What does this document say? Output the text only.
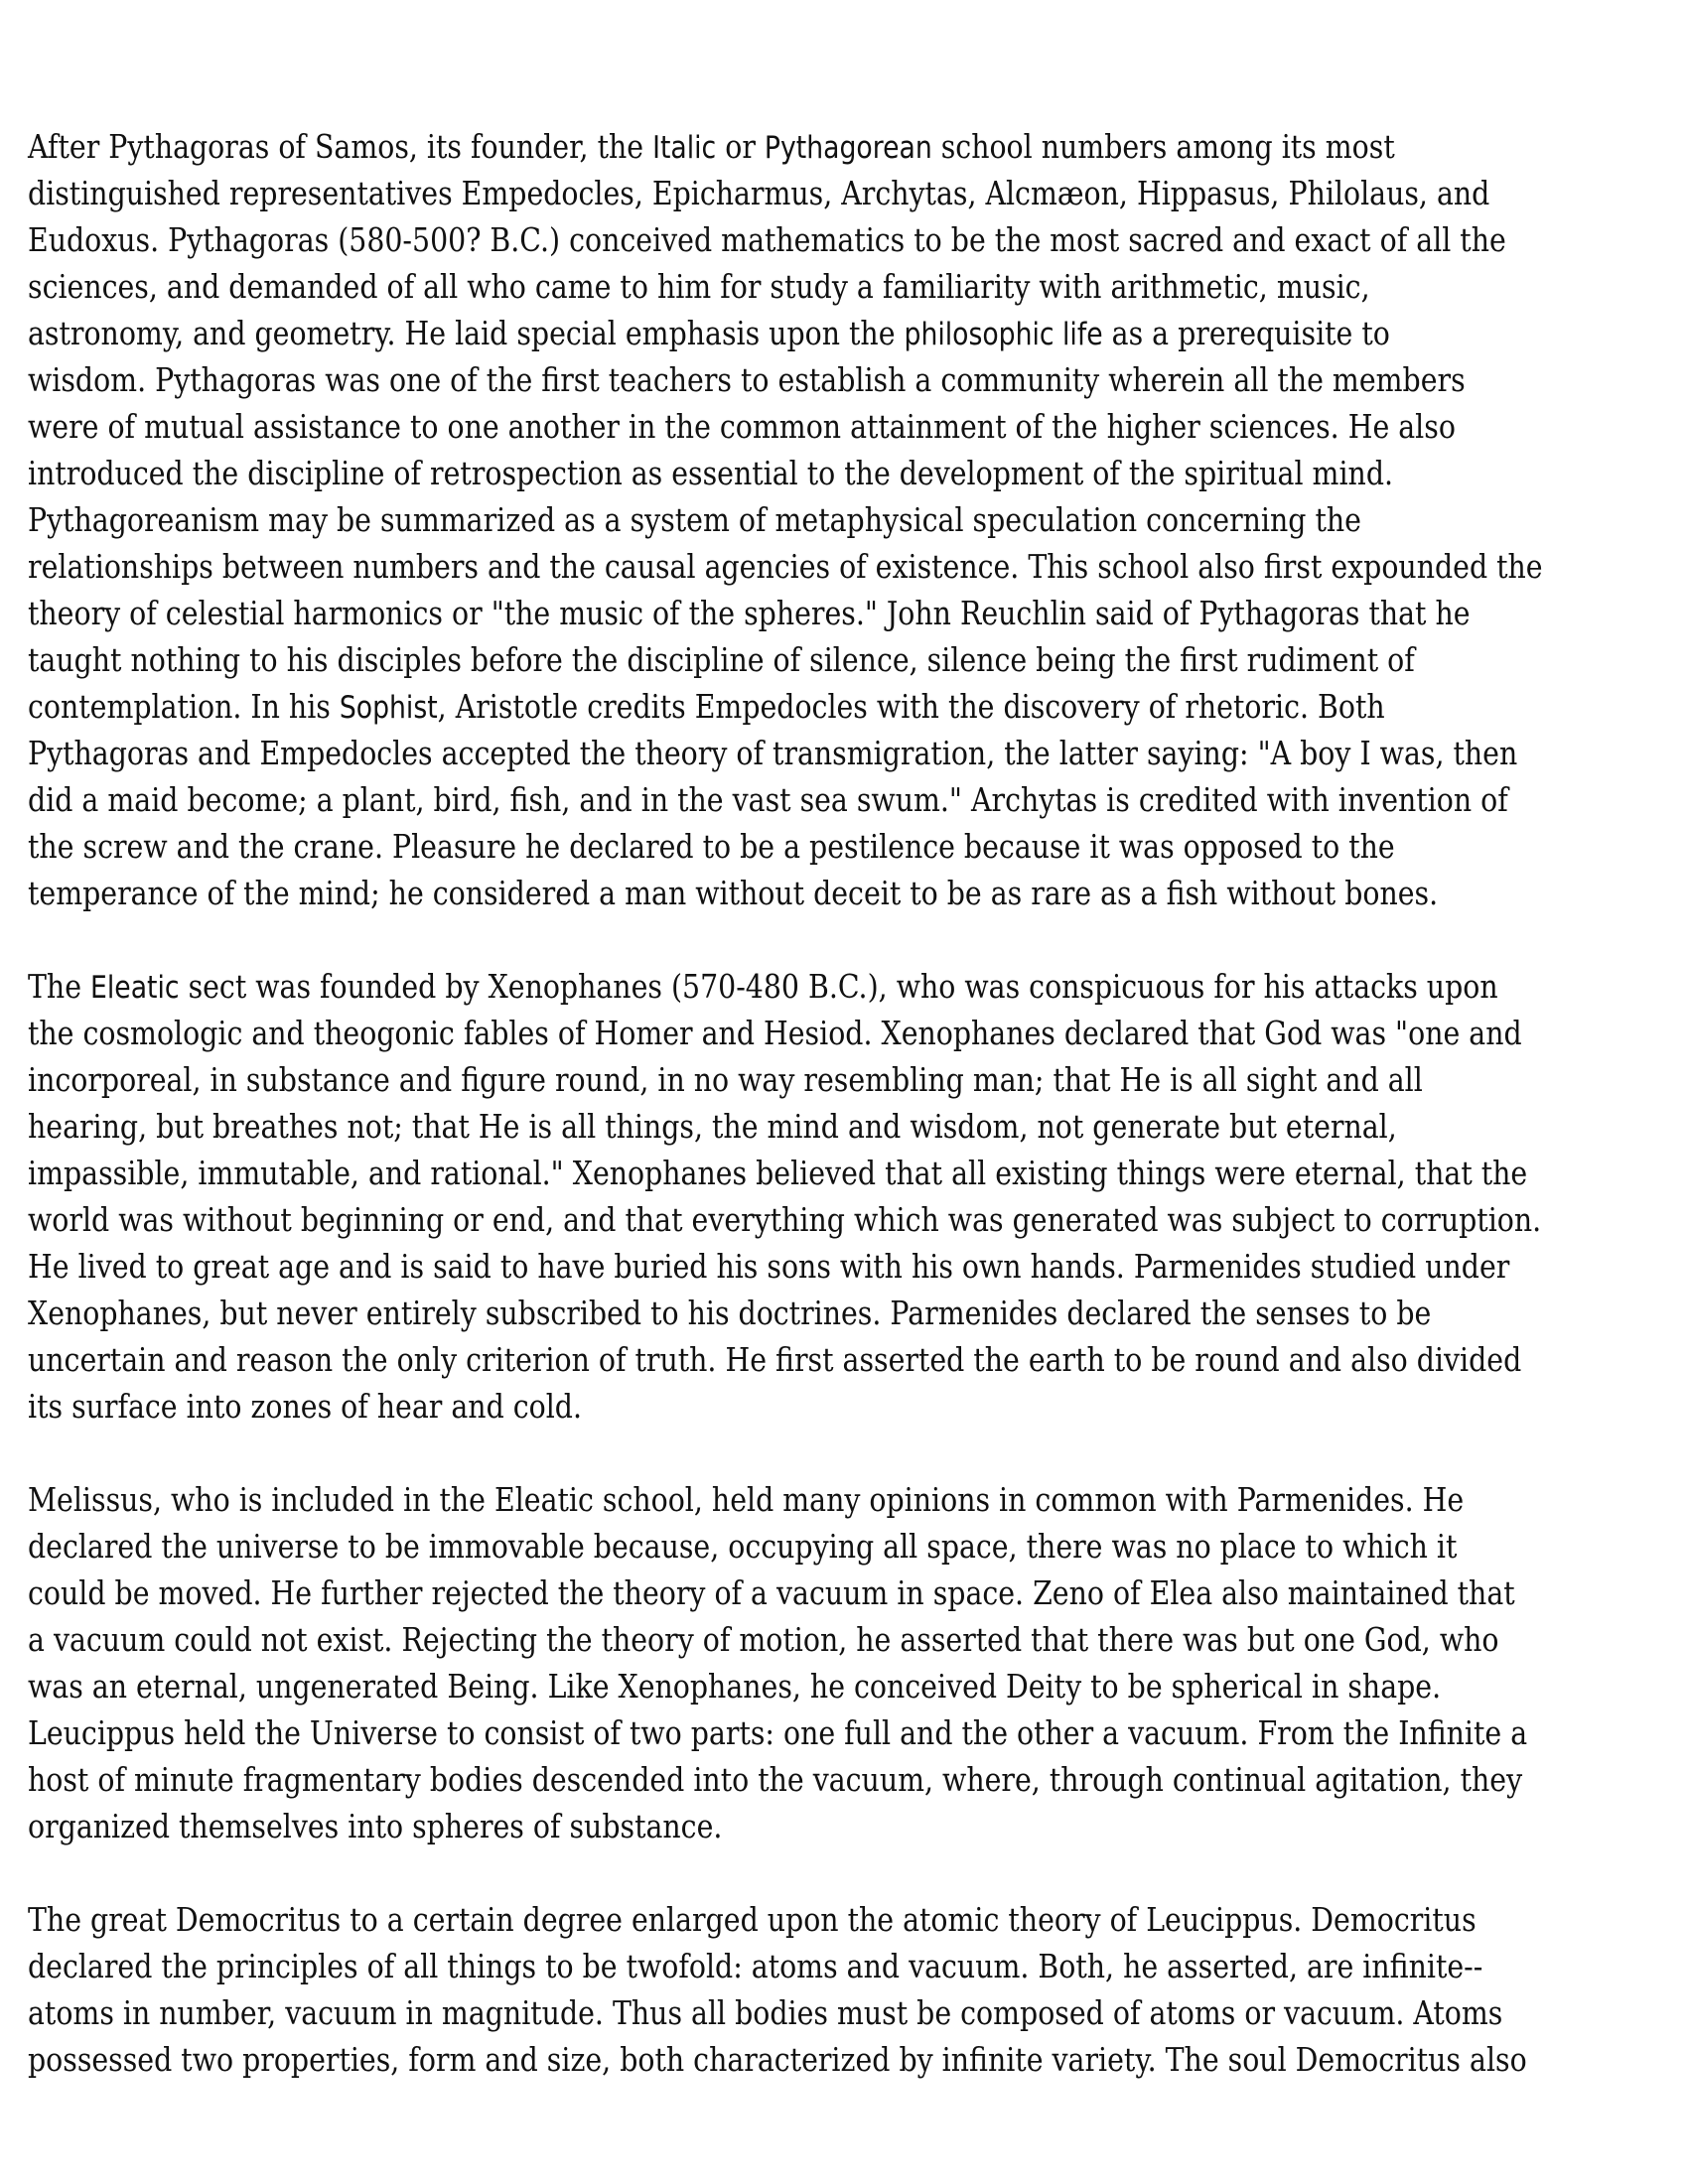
After Pythagoras of Samos, its founder, the Italic or Pythagorean school numbers among its most
distinguished representatives Empedocles, Epicharmus, Archytas, Alcmæon, Hippasus, Philolaus, and
Eudoxus. Pythagoras (580-500? B.C.) conceived mathematics to be the most sacred and exact of all the
sciences, and demanded of all who came to him for study a familiarity with arithmetic, music,
astronomy, and geometry. He laid special emphasis upon the philosophic life as a prerequisite to
wisdom. Pythagoras was one of the first teachers to establish a community wherein all the members
were of mutual assistance to one another in the common attainment of the higher sciences. He also
introduced the discipline of retrospection as essential to the development of the spiritual mind.
Pythagoreanism may be summarized as a system of metaphysical speculation concerning the
relationships between numbers and the causal agencies of existence. This school also first expounded the
theory of celestial harmonics or "the music of the spheres." John Reuchlin said of Pythagoras that he
taught nothing to his disciples before the discipline of silence, silence being the first rudiment of
contemplation. In his Sophist, Aristotle credits Empedocles with the discovery of rhetoric. Both
Pythagoras and Empedocles accepted the theory of transmigration, the latter saying: "A boy I was, then
did a maid become; a plant, bird, fish, and in the vast sea swum." Archytas is credited with invention of
the screw and the crane. Pleasure he declared to be a pestilence because it was opposed to the
temperance of the mind; he considered a man without deceit to be as rare as a fish without bones.
The Eleatic sect was founded by Xenophanes (570-480 B.C.), who was conspicuous for his attacks upon
the cosmologic and theogonic fables of Homer and Hesiod. Xenophanes declared that God was "one and
incorporeal, in substance and figure round, in no way resembling man; that He is all sight and all
hearing, but breathes not; that He is all things, the mind and wisdom, not generate but eternal,
impassible, immutable, and rational." Xenophanes believed that all existing things were eternal, that the
world was without beginning or end, and that everything which was generated was subject to corruption.
He lived to great age and is said to have buried his sons with his own hands. Parmenides studied under
Xenophanes, but never entirely subscribed to his doctrines. Parmenides declared the senses to be
uncertain and reason the only criterion of truth. He first asserted the earth to be round and also divided
its surface into zones of hear and cold.
Melissus, who is included in the Eleatic school, held many opinions in common with Parmenides. He
declared the universe to be immovable because, occupying all space, there was no place to which it
could be moved. He further rejected the theory of a vacuum in space. Zeno of Elea also maintained that
a vacuum could not exist. Rejecting the theory of motion, he asserted that there was but one God, who
was an eternal, ungenerated Being. Like Xenophanes, he conceived Deity to be spherical in shape.
Leucippus held the Universe to consist of two parts: one full and the other a vacuum. From the Infinite a
host of minute fragmentary bodies descended into the vacuum, where, through continual agitation, they
organized themselves into spheres of substance.
The great Democritus to a certain degree enlarged upon the atomic theory of Leucippus. Democritus
declared the principles of all things to be twofold: atoms and vacuum. Both, he asserted, are infinite--
atoms in number, vacuum in magnitude. Thus all bodies must be composed of atoms or vacuum. Atoms
possessed two properties, form and size, both characterized by infinite variety. The soul Democritus also
